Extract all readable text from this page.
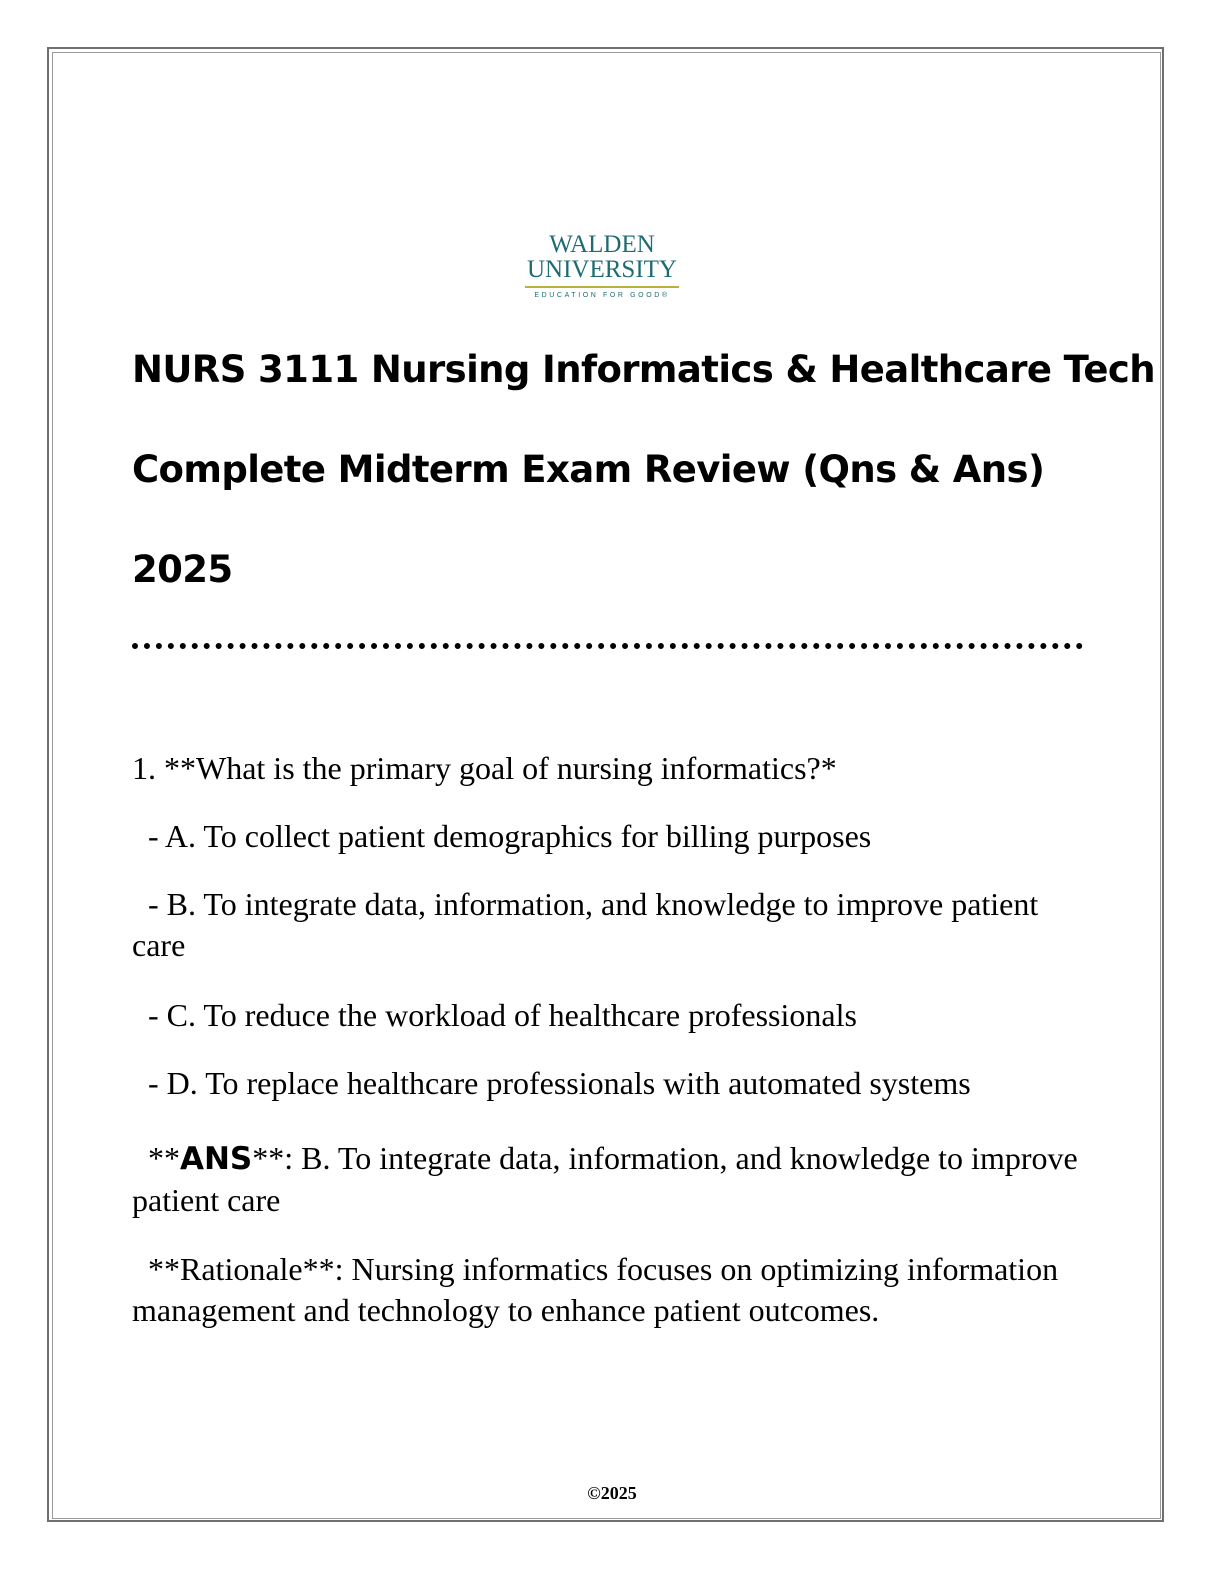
WALDEN
UNIVERSITY
EDUCATION FOR GOOD®
NURS 3111 Nursing Informatics & Healthcare Tech
Complete Midterm Exam Review (Qns & Ans)
2025
1. **What is the primary goal of nursing informatics?*
- A. To collect patient demographics for billing purposes
- B. To integrate data, information, and knowledge to improve patient care
- C. To reduce the workload of healthcare professionals
- D. To replace healthcare professionals with automated systems
**ANS**: B. To integrate data, information, and knowledge to improve patient care
**Rationale**: Nursing informatics focuses on optimizing information management and technology to enhance patient outcomes.
©2025
